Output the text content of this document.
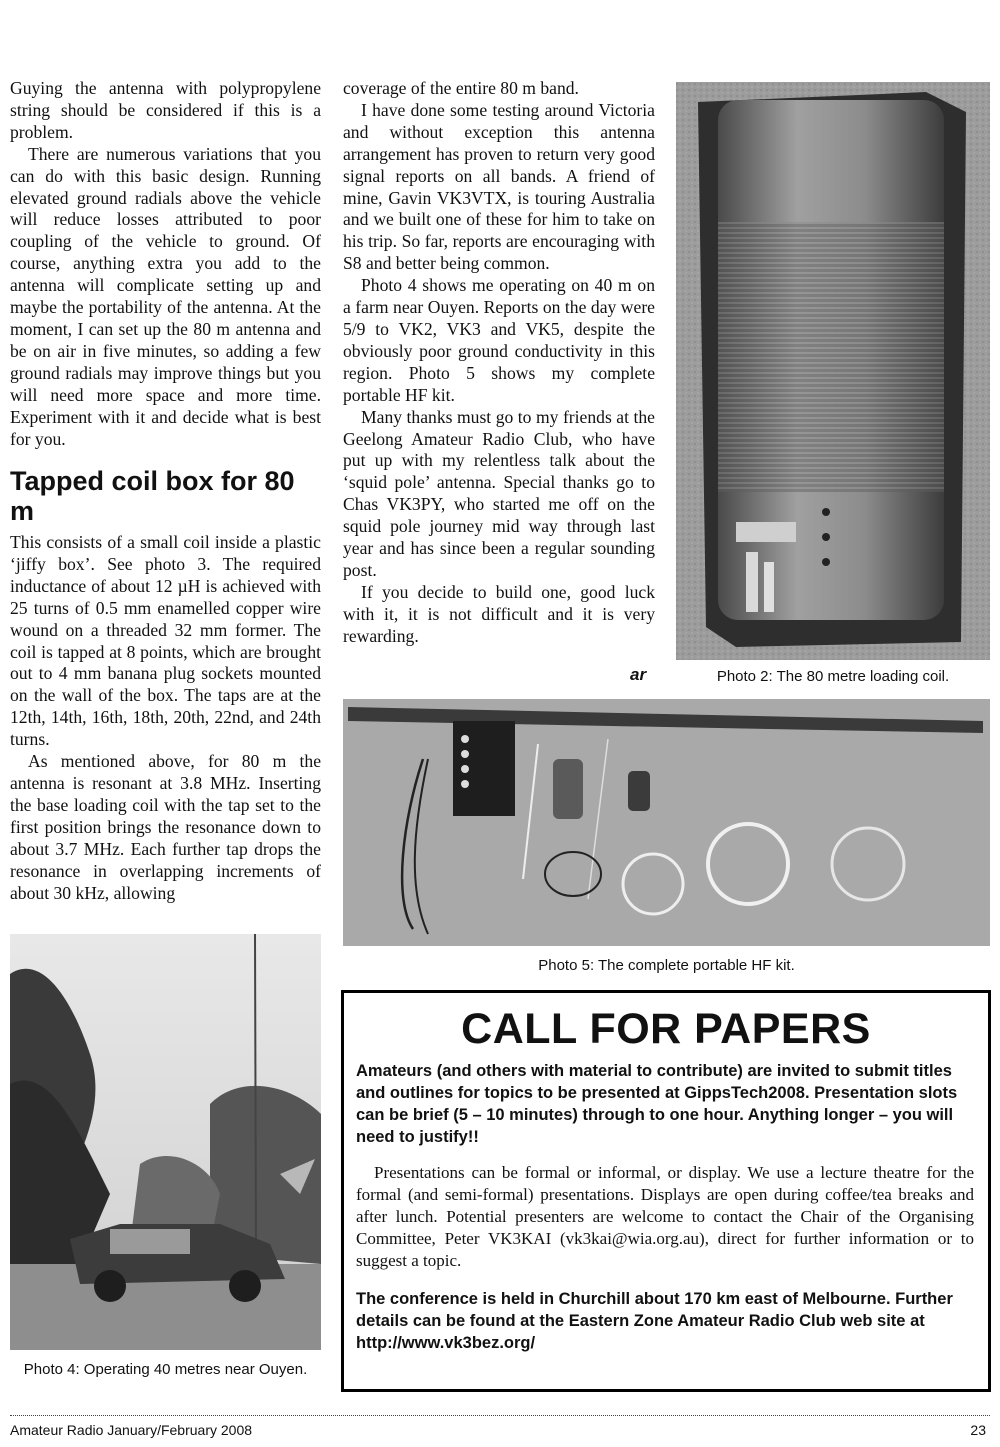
Guying the antenna with polypropylene string should be considered if this is a problem.

There are numerous variations that you can do with this basic design. Running elevated ground radials above the vehicle will reduce losses attributed to poor coupling of the vehicle to ground. Of course, anything extra you add to the antenna will complicate setting up and maybe the portability of the antenna. At the moment, I can set up the 80 m antenna and be on air in five minutes, so adding a few ground radials may improve things but you will need more space and more time. Experiment with it and decide what is best for you.

Tapped coil box for 80 m

This consists of a small coil inside a plastic ‘jiffy box’. See photo 3. The required inductance of about 12 µH is achieved with 25 turns of 0.5 mm enamelled copper wire wound on a threaded 32 mm former. The coil is tapped at 8 points, which are brought out to 4 mm banana plug sockets mounted on the wall of the box. The taps are at the 12th, 14th, 16th, 18th, 20th, 22nd, and 24th turns.

As mentioned above, for 80 m the antenna is resonant at 3.8 MHz. Inserting the base loading coil with the tap set to the first position brings the resonance down to about 3.7 MHz. Each further tap drops the resonance in overlapping increments of about 30 kHz, allowing

coverage of the entire 80 m band.

I have done some testing around Victoria and without exception this antenna arrangement has proven to return very good signal reports on all bands. A friend of mine, Gavin VK3VTX, is touring Australia and we built one of these for him to take on his trip. So far, reports are encouraging with S8 and better being common.

Photo 4 shows me operating on 40 m on a farm near Ouyen. Reports on the day were 5/9 to VK2, VK3 and VK5, despite the obviously poor ground conductivity in this region. Photo 5 shows my complete portable HF kit.

Many thanks must go to my friends at the Geelong Amateur Radio Club, who have put up with my relentless talk about the ‘squid pole’ antenna. Special thanks go to Chas VK3PY, who started me off on the squid pole journey mid way through last year and has since been a regular sounding post.

If you decide to build one, good luck with it, it is not difficult and it is very rewarding.

ar	Photo 2: The 80 metre loading coil.
Photo 5: The complete portable HF kit.
Photo 4: Operating 40 metres near Ouyen.
CALL FOR PAPERS
Amateurs (and others with material to contribute) are invited to submit titles and outlines for topics to be presented at GippsTech2008. Presentation slots can be brief (5 – 10 minutes) through to one hour. Anything longer – you will need to justify!!
Presentations can be formal or informal, or display. We use a lecture theatre for the formal (and semi-formal) presentations. Displays are open during coffee/tea breaks and after lunch. Potential presenters are welcome to contact the Chair of the Organising Committee, Peter VK3KAI (vk3kai@wia.org.au), direct for further information or to suggest a topic.
The conference is held in Churchill about 170 km east of Melbourne. Further details can be found at the Eastern Zone Amateur Radio Club web site at http://www.vk3bez.org/
Amateur Radio January/February 2008	23
